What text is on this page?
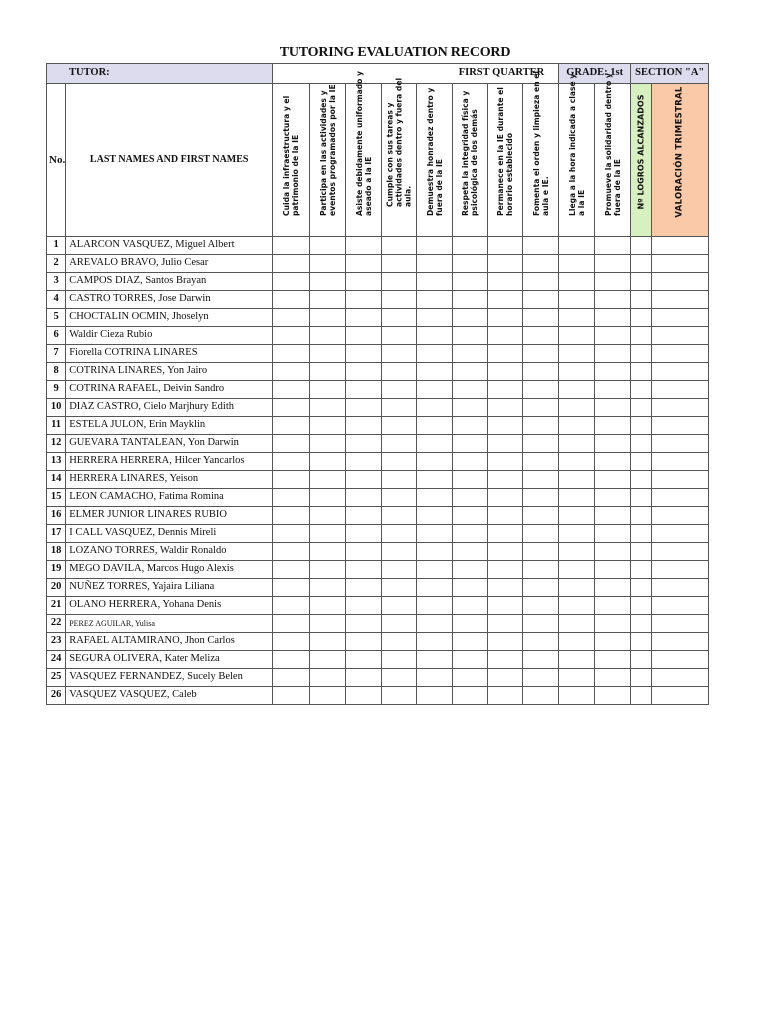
TUTORING EVALUATION RECORD
TUTOR:		FIRST QUARTER								GRADE: 1st		SECTION "A"	
No.	LAST NAMES AND FIRST NAMES	Cuida la infraestructura y el patrimonio de la IE	Participa en las actividades y eventos programados por la IE	Asiste debidamente uniformado y aseado a la IE	Cumple con sus tareas y actividades dentro y fuera del aula.	Demuestra honradez dentro y fuera de la IE	Respeta la integridad física y psicológica de los demás	Permanece en la IE durante el horario establecido	Fomenta el orden y limpieza en el aula e IE.	Llega a la hora indicada a clase y a la IE	Promueve la solidaridad dentro y fuera de la IE	Nº LOGROS ALCANZADOS	VALORACIÓN TRIMESTRAL

1	ALARCON VASQUEZ, Miguel Albert												
2	AREVALO BRAVO, Julio Cesar												
3	CAMPOS DIAZ, Santos Brayan												
4	CASTRO TORRES, Jose Darwin												
5	CHOCTALIN OCMIN, Jhoselyn												
6	Waldir Cieza Rubio												
7	Fiorella COTRINA LINARES												
8	COTRINA LINARES, Yon Jairo												
9	COTRINA RAFAEL, Deivin Sandro												
10	DIAZ CASTRO, Cielo Marjhury Edith												
11	ESTELA JULON, Erin Mayklin												
12	GUEVARA TANTALEAN, Yon Darwin												
13	HERRERA HERRERA, Hilcer Yancarlos												
14	HERRERA LINARES, Yeison												
15	LEON CAMACHO, Fatima Romina												
16	ELMER JUNIOR LINARES RUBIO												
17	I CALL VASQUEZ, Dennis Mireli												
18	LOZANO TORRES, Waldir Ronaldo												
19	MEGO DAVILA, Marcos Hugo Alexis												
20	NUÑEZ TORRES, Yajaira Liliana												
21	OLANO HERRERA, Yohana Denis												
22	PEREZ AGUILAR, Yulisa												
23	RAFAEL ALTAMIRANO, Jhon Carlos												
24	SEGURA OLIVERA, Kater Meliza												
25	VASQUEZ FERNANDEZ, Sucely Belen												
26	VASQUEZ VASQUEZ, Caleb												
